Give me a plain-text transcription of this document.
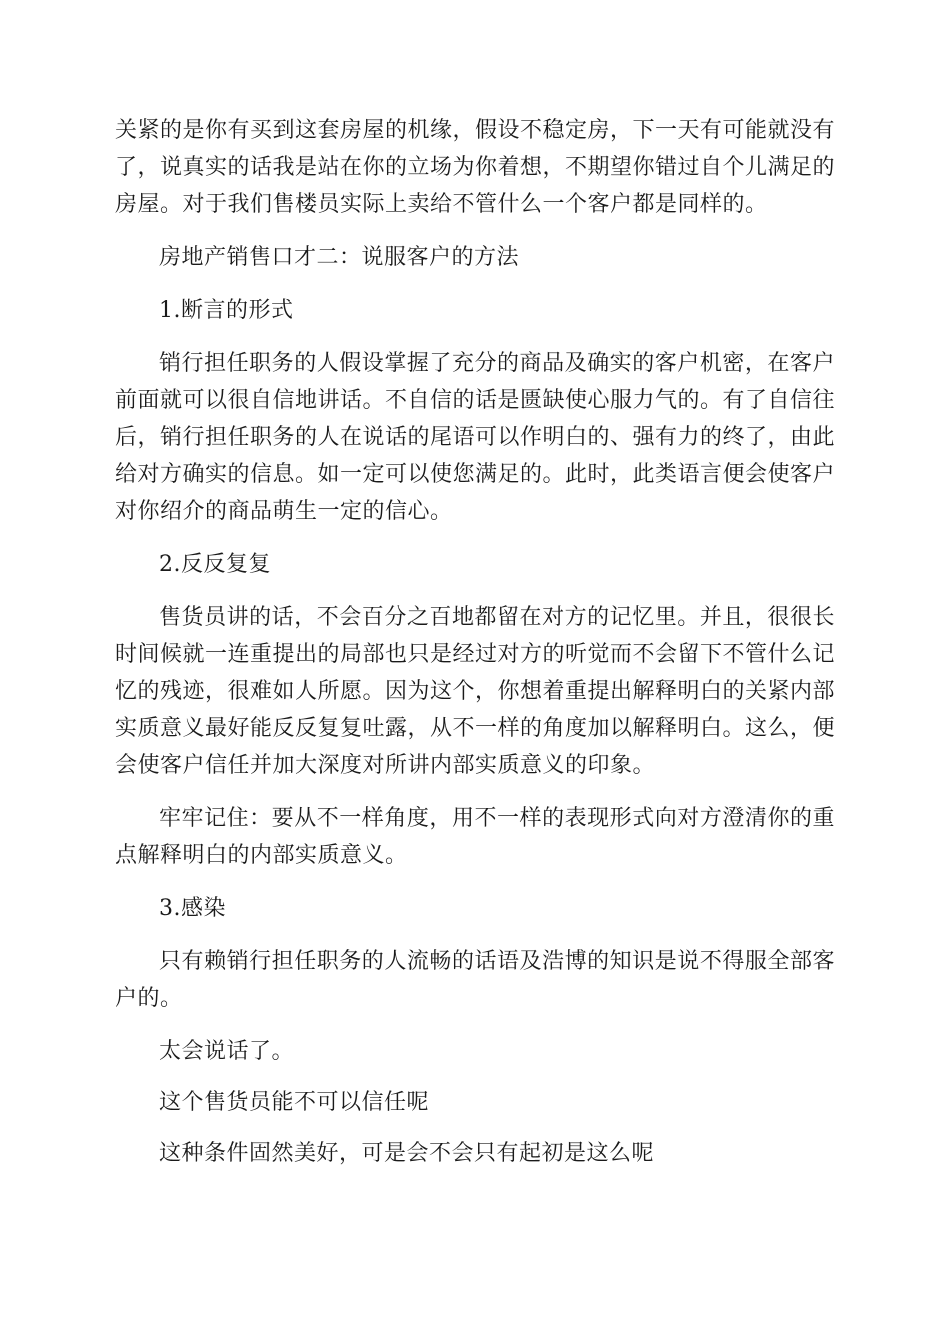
关紧的是你有买到这套房屋的机缘，假设不稳定房，下一天有可能就没有了，说真实的话我是站在你的立场为你着想，不期望你错过自个儿满足的房屋。对于我们售楼员实际上卖给不管什么一个客户都是同样的。

房地产销售口才二：说服客户的方法

1.断言的形式

销行担任职务的人假设掌握了充分的商品及确实的客户机密，在客户前面就可以很自信地讲话。不自信的话是匮缺使心服力气的。有了自信往后，销行担任职务的人在说话的尾语可以作明白的、强有力的终了，由此给对方确实的信息。如一定可以使您满足的。此时，此类语言便会使客户对你绍介的商品萌生一定的信心。

2.反反复复

售货员讲的话，不会百分之百地都留在对方的记忆里。并且，很很长时间候就一连重提出的局部也只是经过对方的听觉而不会留下不管什么记忆的残迹，很难如人所愿。因为这个，你想着重提出解释明白的关紧内部实质意义最好能反反复复吐露，从不一样的角度加以解释明白。这么，便会使客户信任并加大深度对所讲内部实质意义的印象。

牢牢记住：要从不一样角度，用不一样的表现形式向对方澄清你的重点解释明白的内部实质意义。

3.感染

只有赖销行担任职务的人流畅的话语及浩博的知识是说不得服全部客户的。

太会说话了。

这个售货员能不可以信任呢

这种条件固然美好，可是会不会只有起初是这么呢
